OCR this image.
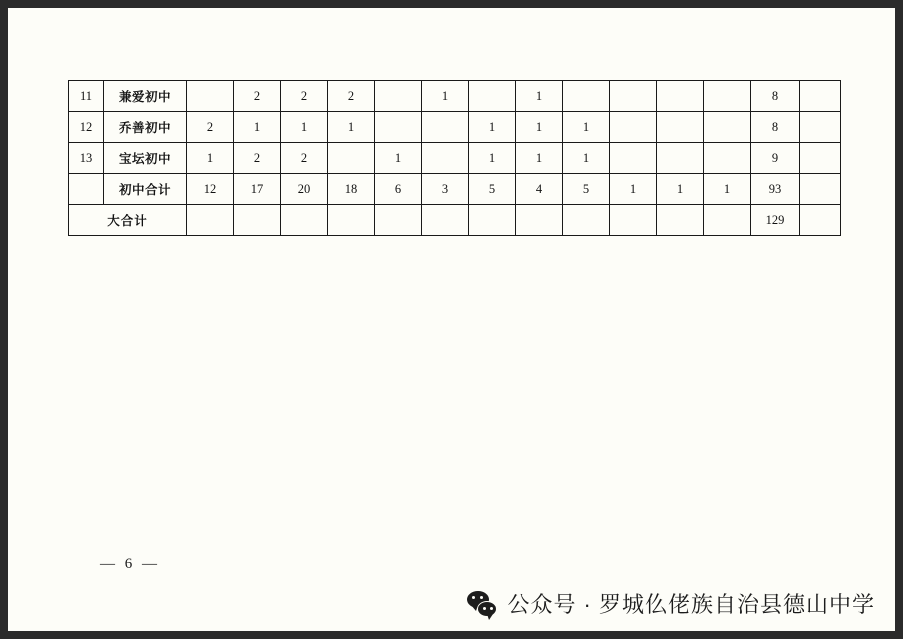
11	兼爱初中		2	2	2		1		1					8	
12	乔善初中	2	1	1	1			1	1	1				8	
13	宝坛初中	1	2	2		1		1	1	1				9	
	初中合计	12	17	20	18	6	3	5	4	5	1	1	1	93	
大合计														129	
— 6 —
公众号 · 罗城仫佬族自治县德山中学
